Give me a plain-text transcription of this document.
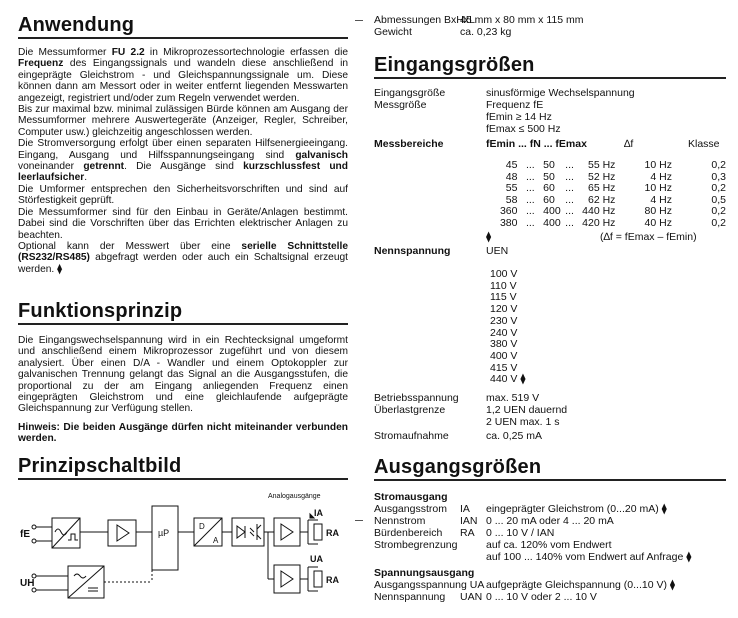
Anwendung

Die Messumformer FU 2.2 in Mikroprozessortechnologie erfassen die Frequenz des Eingangssignals und wandeln diese anschließend in eingeprägte Gleichstrom - und Gleichspannungssignale um. Diese können dann am Messort oder in weiter entfernt liegenden Messwarten angezeigt, registriert und/oder zum Regeln verwendet werden.

Bis zur maximal bzw. minimal zulässigen Bürde können am Ausgang der Messumformer mehrere Auswertegeräte (Anzeiger, Regler, Schreiber, Computer usw.) gleichzeitig angeschlossen werden.

Die Stromversorgung erfolgt über einen separaten Hilfsenergieeingang. Eingang, Ausgang und Hilfsspannungseingang sind galvanisch voneinander getrennt. Die Ausgänge sind kurzschlussfest und leerlaufsicher.

Die Umformer entsprechen den Sicherheitsvorschriften und sind auf Störfestigkeit geprüft.

Die Messumformer sind für den Einbau in Geräte/Anlagen bestimmt. Dabei sind die Vorschriften über das Errichten elektrischer Anlagen zu beachten.

Optional kann der Messwert über eine serielle Schnittstelle (RS232/RS485) abgefragt werden oder auch ein Schaltsignal erzeugt werden. ⧫

Funktionsprinzip

Die Eingangswechselspannung wird in ein Rechtecksignal umgeformt und anschließend einem Mikroprozessor zugeführt und von diesem analysiert. Über einen D/A - Wandler und einem Optokoppler zur galvanischen Trennung gelangt das Signal an die Ausgangsstufen, die proportional zu der am Eingang anliegenden Frequenz einen eingeprägten Gleichstrom und eine gleichlaufende aufgeprägte Gleichspannung zur Verfügung stellen.

Hinweis: Die beiden Ausgänge dürfen nicht miteinander verbunden werden.

Prinzipschaltbild
Analogausgänge
fE
UH
µP
D
A
IA
RA
UA
RA
Abmessungen BxHxL
45 mm x 80 mm x 115 mm
Gewicht	ca. 0,23 kg
Eingangsgrößen
Eingangsgröße	sinusförmige Wechselspannung
Messgröße	Frequenz fE
fEmin ≥ 14 Hz
fEmax ≤ 500 Hz
Messbereiche	fEmin ... fN ... fEmax	∆f	Klasse
45	...	50	...	55 Hz	10 Hz	0,2
48	...	50	...	52 Hz	4 Hz	0,3
55	...	60	...	65 Hz	10 Hz	0,2
58	...	60	...	62 Hz	4 Hz	0,5
360	...	400	...	440 Hz	80 Hz	0,2
380	...	400	...	420 Hz	40 Hz	0,2
⧫	(∆f = fEmax – fEmin)
Nennspannung	UEN
100 V
110 V
115 V
120 V
230 V
240 V
380 V
400 V
415 V
440 V ⧫
Betriebsspannung	max. 519 V
Überlastgrenze	1,2 UEN dauernd
2 UEN max. 1 s
Stromaufnahme	ca. 0,25 mA
Ausgangsgrößen
Stromausgang
Ausgangsstrom IA eingeprägter Gleichstrom (0...20 mA) ⧫
Nennstrom	IAN 0 ... 20 mA oder 4 ... 20 mA
Bürdenbereich RA 0 ... 10 V / IAN
Strombegrenzung	auf ca. 120% vom Endwert
auf 100 ... 140% vom Endwert auf Anfrage ⧫
Spannungsausgang
Ausgangsspannung UA aufgeprägte Gleichspannung (0...10 V) ⧫
Nennspannung UAN 0 ... 10 V oder 2 ... 10 V
